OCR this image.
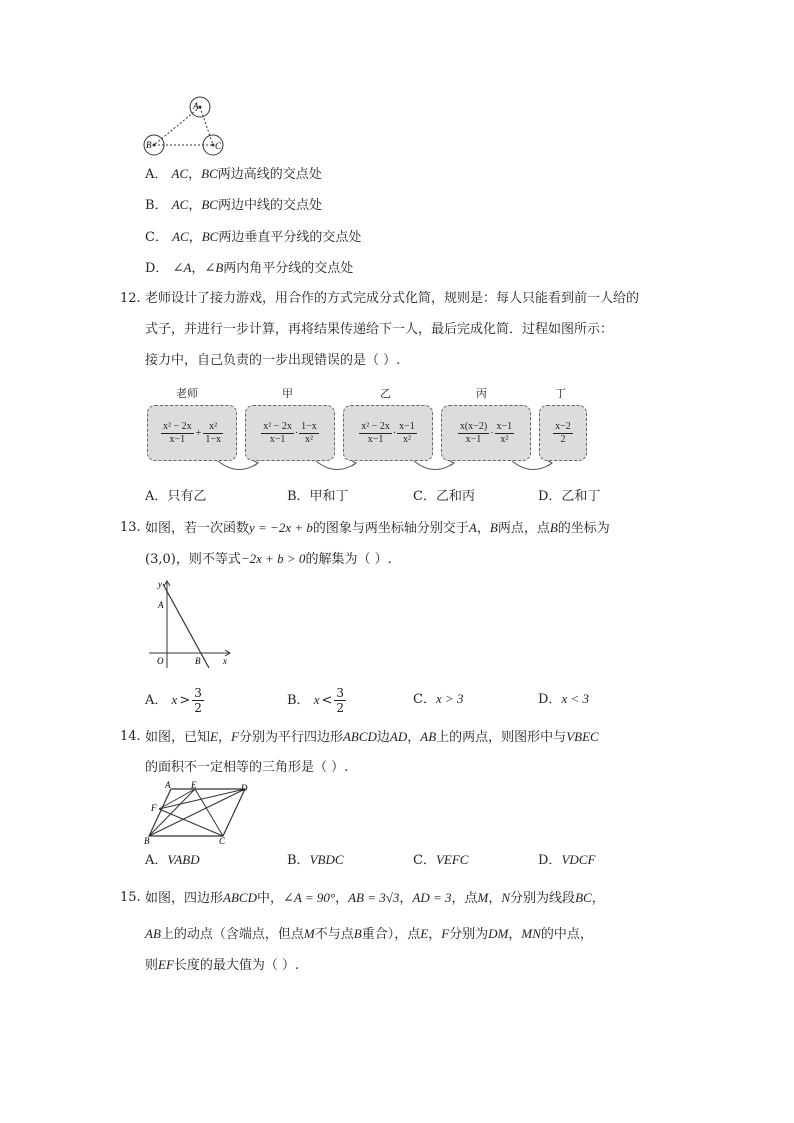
A
B	C
A． AC，BC两边高线的交点处
B． AC，BC两边中线的交点处
C． AC，BC两边垂直平分线的交点处
D． ∠A，∠B两内角平分线的交点处
12. 老师设计了接力游戏，用合作的方式完成分式化简，规则是：每人只能看到前一人给的
式子，并进行一步计算，再将结果传递给下一人，最后完成化简．过程如图所示：
接力中，自己负责的一步出现错误的是（ ）.
老师	甲	乙	丙	丁
$\frac{\text{x² − 2x}}{x-1} + \frac{\text{x²}}{1-x}$	$\frac{\text{x² − 2x}}{x-1} \cdot \frac{1-x}{\text{x²}}$	$\frac{\text{x² − 2x}}{x-1} \cdot \frac{x-1}{\text{x²}}$	$\frac{x(x-2)}{x-1} \cdot \frac{x-1}{\text{x²}}$	$\frac{x-2}{2}$
A．只有乙	B．甲和丁	C．乙和丙	D．乙和丁
13. 如图，若一次函数y = −2x + b的图象与两坐标轴分别交于A，B两点，点B的坐标为
(3,0)，则不等式−2x + b > 0的解集为（ ）.
y
A
O	B	x
A． $x > \frac{3}{2}$	B． $x < \frac{3}{2}$	C．x > 3	D．x < 3
14. 如图，已知E，F分别为平行四边形ABCD边AD，AB上的两点，则图形中与VBEC
的面积不一定相等的三角形是（ ）.
A E	D
F
B	C
A．VABD	B．VBDC	C．VEFC	D．VDCF
15. 如图，四边形ABCD中，∠A = 90°，AB = 3√3，AD = 3，点M，N分别为线段BC，
AB上的动点（含端点，但点M不与点B重合），点E，F分别为DM，MN的中点，
则EF长度的最大值为（ ）.
